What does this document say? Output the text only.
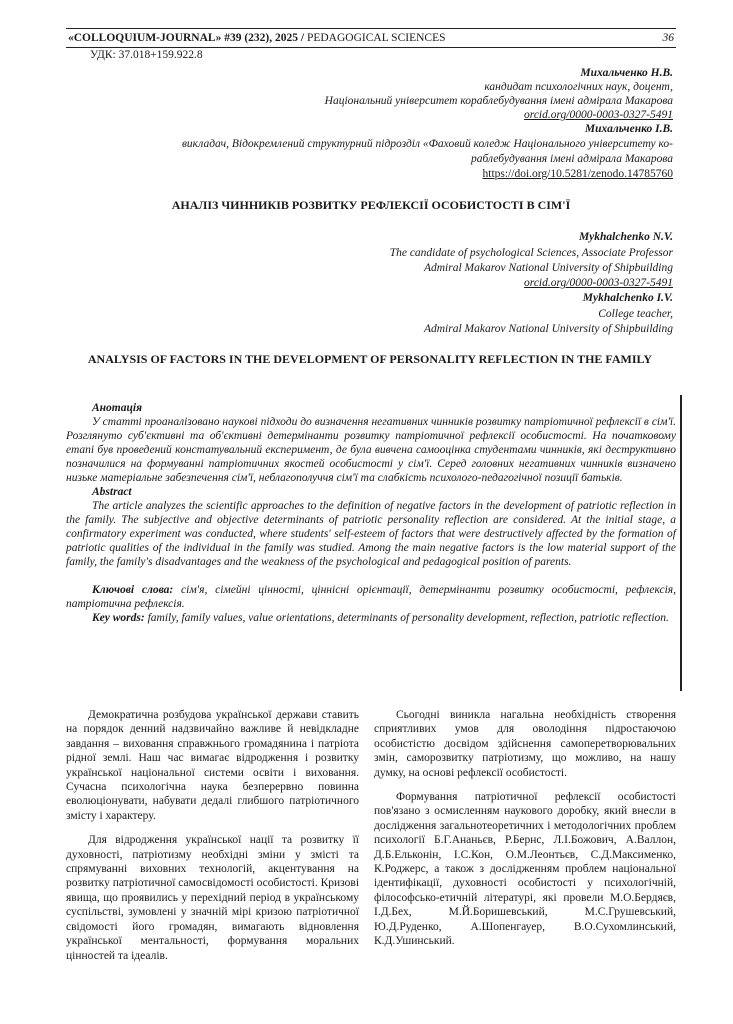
«COLLOQUIUM-JOURNAL» #39 (232), 2025 / PEDAGOGICAL SCIENCES	36
УДК: 37.018+159.922.8
Михальченко Н.В.
кандидат психологічних наук, доцент,
Національний університет кораблебудування імені адмірала Макарова
orcid.org/0000-0003-0327-5491
Михальченко І.В.
викладач, Відокремлений структурний підрозділ «Фаховий коледж Національного університету ко-
раблебудування імені адмірала Макарова
https://doi.org/10.5281/zenodo.14785760
АНАЛІЗ ЧИННИКІВ РОЗВИТКУ РЕФЛЕКСІЇ ОСОБИСТОСТІ В СІМ'Ї
Mykhalchenko N.V.
The candidate of psychological Sciences, Associate Professor
Admiral Makarov National University of Shipbuilding
orcid.org/0000-0003-0327-5491
Mykhalchenko I.V.
College teacher,
Admiral Makarov National University of Shipbuilding
ANALYSIS OF FACTORS IN THE DEVELOPMENT OF PERSONALITY REFLECTION IN THE FAMILY

Анотація

У статті проаналізовано наукові підходи до визначення негативних чинників розвитку патріотичної рефлексії в сім'ї. Розглянуто суб'єктивні та об'єктивні детермінанти розвитку патріотичної рефлексії особистості. На початковому етапі був проведений констатувальний експеримент, де була вивчена самооцінка студентами чинників, які деструктивно позначилися на формуванні патріотичних якостей особистості у сім'ї. Серед головних негативних чинників визначено низьке матеріальне забезпечення сім'ї, неблагополуччя сім'ї та слабкість психолого-педагогічної позиції батьків.

Abstract

The article analyzes the scientific approaches to the definition of negative factors in the development of patriotic reflection in the family. The subjective and objective determinants of patriotic personality reflection are considered. At the initial stage, a confirmatory experiment was conducted, where students' self-esteem of factors that were destructively affected by the formation of patriotic qualities of the individual in the family was studied. Among the main negative factors is the low material support of the family, the family's disadvantages and the weakness of the psychological and pedagogical position of parents.

Ключові слова: сім'я, сімейні цінності, ціннісні орієнтації, детермінанти розвитку особистості, рефлексія, патріотична рефлексія.

Key words: family, family values, value orientations, determinants of personality development, reflection, patriotic reflection.

Демократична розбудова української держави ставить на порядок денний надзвичайно важливе й невідкладне завдання – виховання справжнього громадянина і патріота рідної землі. Наш час вимагає відродження і розвитку української національної системи освіти і виховання. Сучасна психологічна наука безперервно повинна еволюціонувати, набувати дедалі глибшого патріотичного змісту і характеру.

Для відродження української нації та розвитку її духовності, патріотизму необхідні зміни у змісті та спрямуванні виховних технологій, акцентування на розвитку патріотичної самосвідомості особистості. Кризові явища, що проявились у перехідний період в українському суспільстві, зумовлені у значній мірі кризою патріотичної свідомості його громадян, вимагають відновлення української ментальності, формування моральних цінностей та ідеалів.

Сьогодні виникла нагальна необхідність створення сприятливих умов для оволодіння підростаючою особистістю досвідом здійснення самоперетворювальних змін, саморозвитку патріотизму, що можливо, на нашу думку, на основі рефлексії особистості.

Формування патріотичної рефлексії особистості пов'язано з осмисленням наукового доробку, який внесли в дослідження загальнотеоретичних і методологічних проблем психології Б.Г.Ананьєв, Р.Бернс, Л.І.Божович, А.Валлон, Д.Б.Ельконін, І.С.Кон, О.М.Леонтьєв, С.Д.Максименко, К.Роджерс, а також з дослідженням проблем національної ідентифікації, духовності особистості у психологічній, філософсько-етичній літературі, які провели М.О.Бердяєв, І.Д.Бех, М.Й.Боришевський, М.С.Грушевський, Ю.Д.Руденко, А.Шопенгауер, В.О.Сухомлинський, К.Д.Ушинський.
